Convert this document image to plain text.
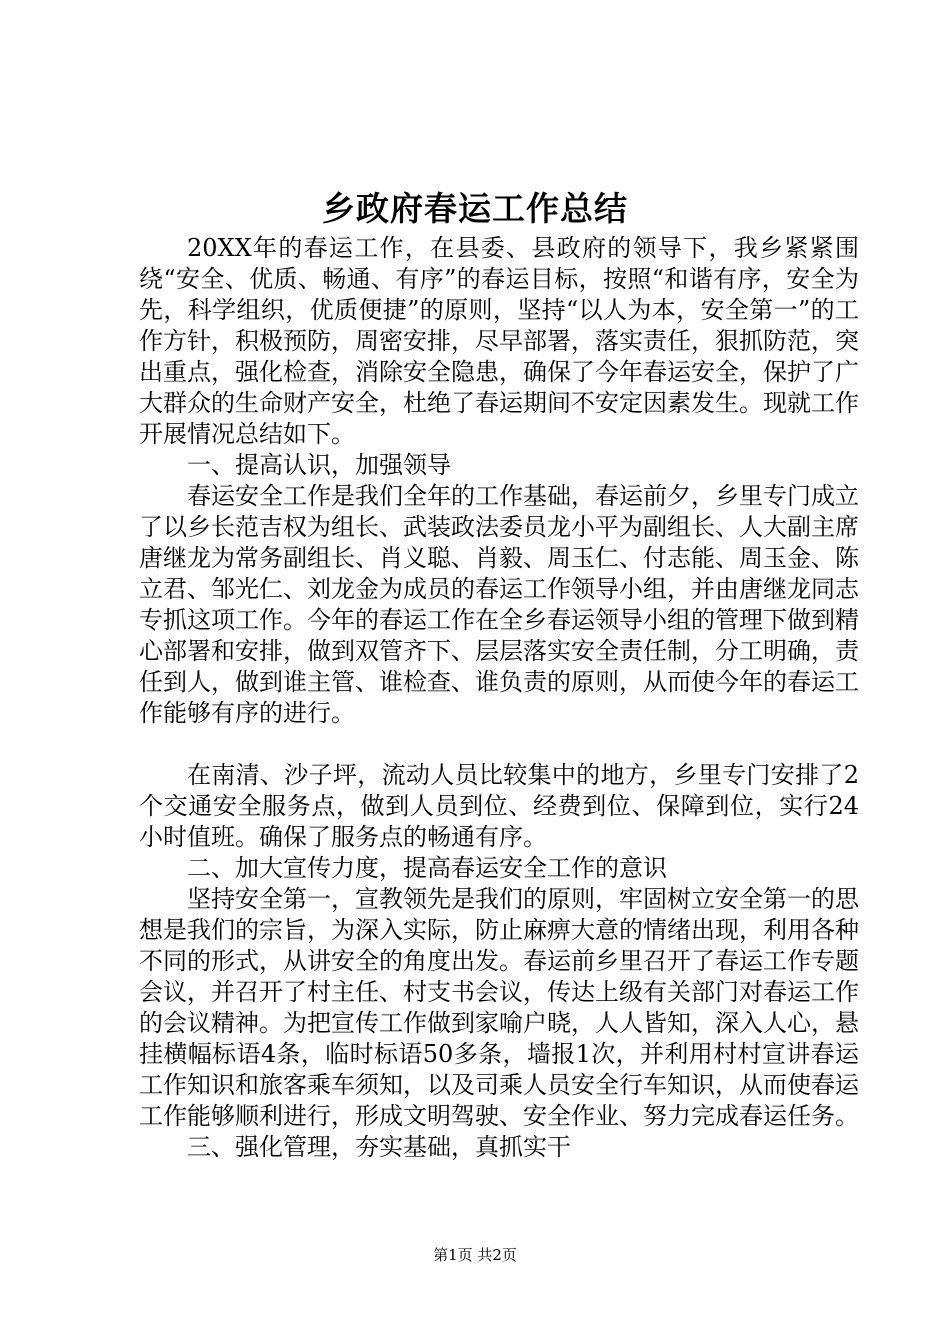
乡政府春运工作总结

20XX年的春运工作，在县委、县政府的领导下，我乡紧紧围绕“安全、优质、畅通、有序”的春运目标，按照“和谐有序，安全为先，科学组织，优质便捷”的原则，坚持“以人为本，安全第一”的工作方针，积极预防，周密安排，尽早部署，落实责任，狠抓防范，突出重点，强化检查，消除安全隐患，确保了今年春运安全，保护了广大群众的生命财产安全，杜绝了春运期间不安定因素发生。现就工作开展情况总结如下。

一、提高认识，加强领导

春运安全工作是我们全年的工作基础，春运前夕，乡里专门成立了以乡长范吉权为组长、武装政法委员龙小平为副组长、人大副主席唐继龙为常务副组长、肖义聪、肖毅、周玉仁、付志能、周玉金、陈立君、邹光仁、刘龙金为成员的春运工作领导小组，并由唐继龙同志专抓这项工作。今年的春运工作在全乡春运领导小组的管理下做到精心部署和安排，做到双管齐下、层层落实安全责任制，分工明确，责任到人，做到谁主管、谁检查、谁负责的原则，从而使今年的春运工作能够有序的进行。

在南清、沙子坪，流动人员比较集中的地方，乡里专门安排了2个交通安全服务点，做到人员到位、经费到位、保障到位，实行24小时值班。确保了服务点的畅通有序。

二、加大宣传力度，提高春运安全工作的意识

坚持安全第一，宣教领先是我们的原则，牢固树立安全第一的思想是我们的宗旨，为深入实际，防止麻痹大意的情绪出现，利用各种不同的形式，从讲安全的角度出发。春运前乡里召开了春运工作专题会议，并召开了村主任、村支书会议，传达上级有关部门对春运工作的会议精神。为把宣传工作做到家喻户晓，人人皆知，深入人心，悬挂横幅标语4条，临时标语50多条，墙报1次，并利用村村宣讲春运工作知识和旅客乘车须知，以及司乘人员安全行车知识，从而使春运工作能够顺利进行，形成文明驾驶、安全作业、努力完成春运任务。

三、强化管理，夯实基础，真抓实干

第1页 共2页
